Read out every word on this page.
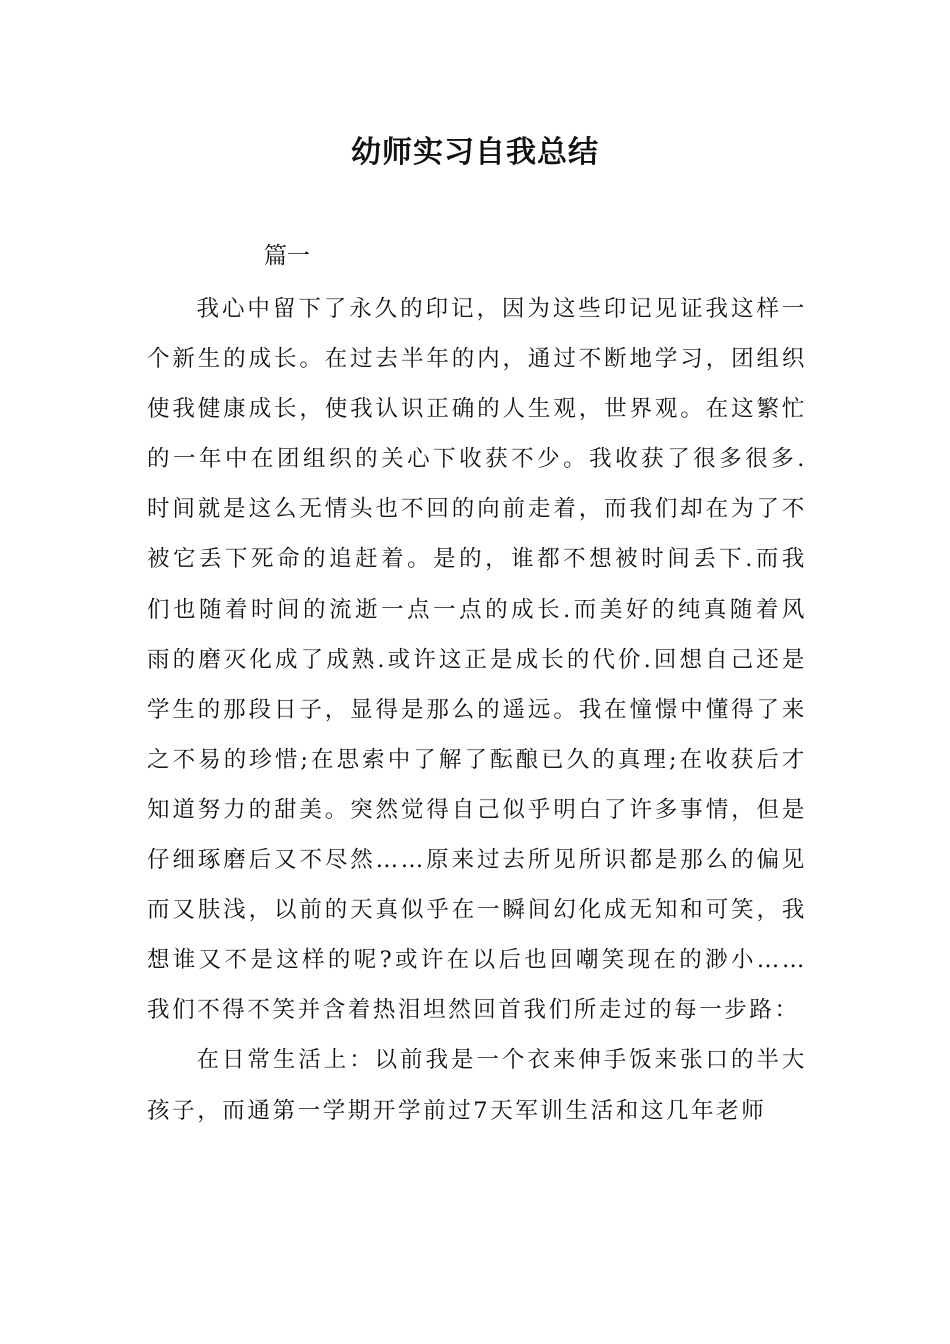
幼师实习自我总结
篇一

我心中留下了永久的印记，因为这些印记见证我这样一个新生的成长。在过去半年的内，通过不断地学习，团组织使我健康成长，使我认识正确的人生观，世界观。在这繁忙的一年中在团组织的关心下收获不少。我收获了很多很多.时间就是这么无情头也不回的向前走着，而我们却在为了不被它丢下死命的追赶着。是的，谁都不想被时间丢下.而我们也随着时间的流逝一点一点的成长.而美好的纯真随着风雨的磨灭化成了成熟.或许这正是成长的代价.回想自己还是学生的那段日子，显得是那么的遥远。我在憧憬中懂得了来之不易的珍惜;在思索中了解了酝酿已久的真理;在收获后才知道努力的甜美。突然觉得自己似乎明白了许多事情，但是仔细琢磨后又不尽然……原来过去所见所识都是那么的偏见而又肤浅，以前的天真似乎在一瞬间幻化成无知和可笑，我想谁又不是这样的呢?或许在以后也回嘲笑现在的渺小……我们不得不笑并含着热泪坦然回首我们所走过的每一步路：

在日常生活上：以前我是一个衣来伸手饭来张口的半大孩子，而通第一学期开学前过7天军训生活和这几年老师
